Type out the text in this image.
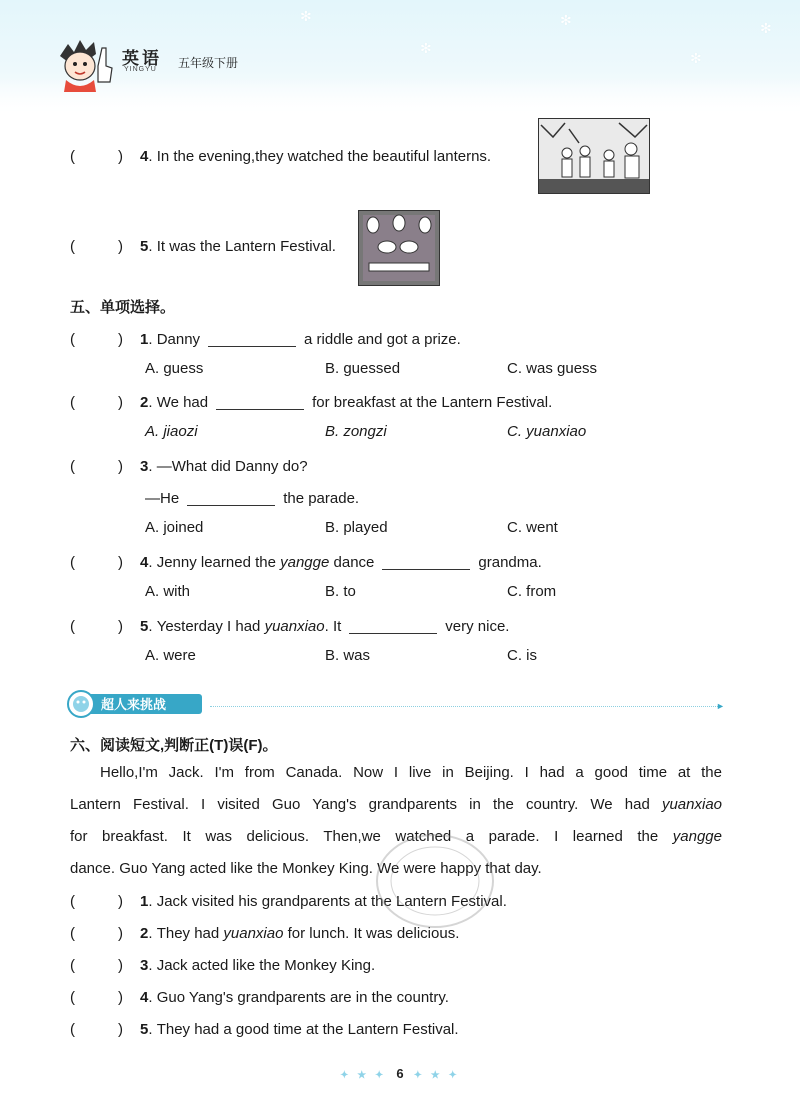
✻
✻
✻
✻
✻
英语
YINGYU 五年级下册
(	)	4 . In the evening,they watched the beautiful lanterns.
(	)	5 . It was the Lantern Festival.
五、单项选择。
(	)	1 . Danny	a riddle and got a prize.
A. guess	B. guessed	C. was guess
(	)	2 . We had	for breakfast at the Lantern Festival.
A. jiaozi	B. zongzi	C. yuanxiao
(	)	3 . —What did Danny do?
—He	the parade.
A. joined	B. played	C. went
(	)	4 . Jenny learned the
yangge
dance	grandma.
A. with	B. to	C. from
(	)	5 . Yesterday I had
yuanxiao . It	very nice.
A. were	B. was	C. is
超人来挑战	►
六、阅读短文,判断正(T)误(F)。
Hello,I'm Jack. I'm from Canada. Now I live in Beijing. I had a good time at the
Lantern Festival. I visited Guo Yang's grandparents in the country. We had yuanxiao
for breakfast. It was delicious. Then,we watched a parade. I learned the yangge
dance. Guo Yang acted like the Monkey King. We were happy that day.
(	)	1 . Jack visited his grandparents at the Lantern Festival.
(	)	2 . They had
yuanxiao
for lunch. It was delicious.
(	)	3 . Jack acted like the Monkey King.
(	)	4 . Guo Yang's grandparents are in the country.
(	)	5 . They had a good time at the Lantern Festival.
✦ ★ ✦ 6 ✦ ★ ✦
